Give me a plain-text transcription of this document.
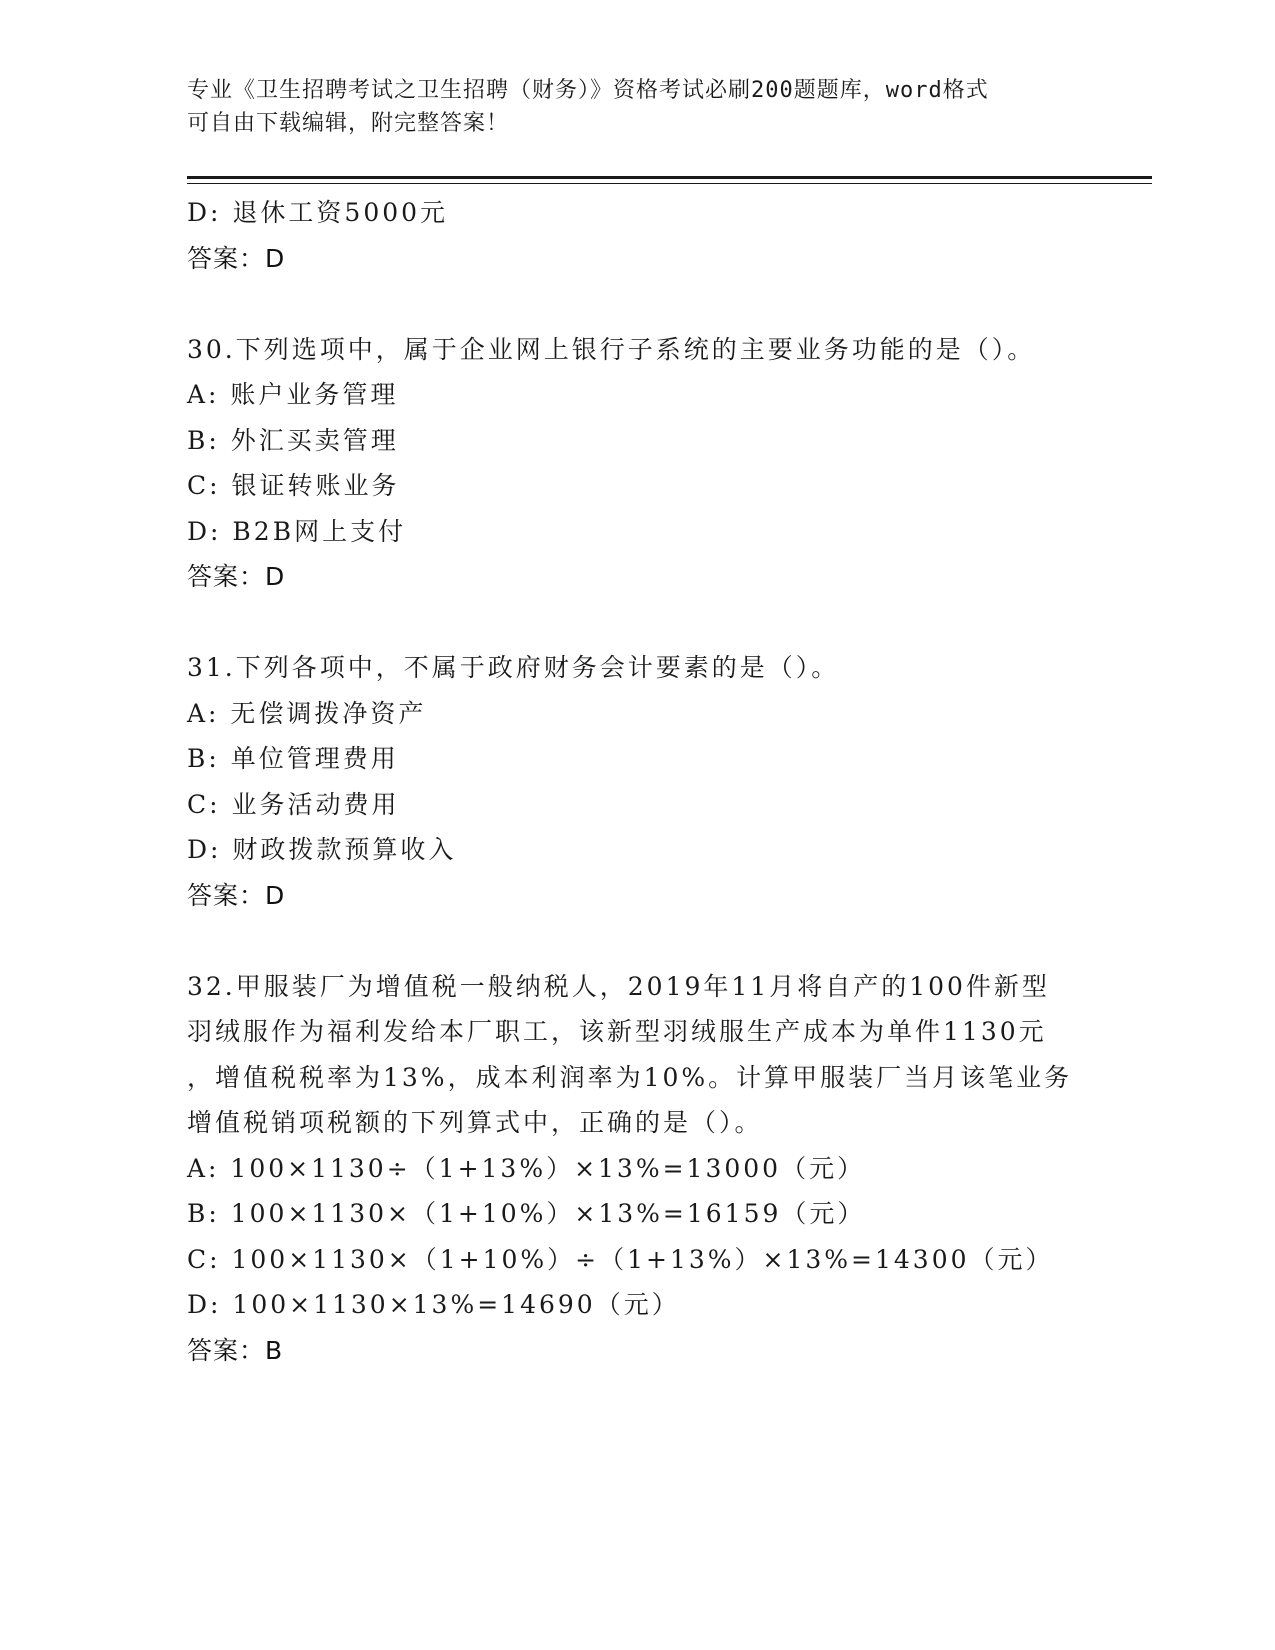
专业《卫生招聘考试之卫生招聘（财务）》资格考试必刷200题题库，word格式
可自由下载编辑，附完整答案！
D: 退休工资5000元
答案：D
30.下列选项中，属于企业网上银行子系统的主要业务功能的是（）。
A: 账户业务管理
B: 外汇买卖管理
C: 银证转账业务
D: B2B网上支付
答案：D
31.下列各项中，不属于政府财务会计要素的是（）。
A: 无偿调拨净资产
B: 单位管理费用
C: 业务活动费用
D: 财政拨款预算收入
答案：D
32.甲服装厂为增值税一般纳税人，2019年11月将自产的100件新型
羽绒服作为福利发给本厂职工，该新型羽绒服生产成本为单件1130元
，增值税税率为13%，成本利润率为10%。计算甲服装厂当月该笔业务
增值税销项税额的下列算式中，正确的是（）。
A: 100×1130÷（1+13%）×13%=13000（元）
B: 100×1130×（1+10%）×13%=16159（元）
C: 100×1130×（1+10%）÷（1+13%）×13%=14300（元）
D: 100×1130×13%=14690（元）
答案：B
